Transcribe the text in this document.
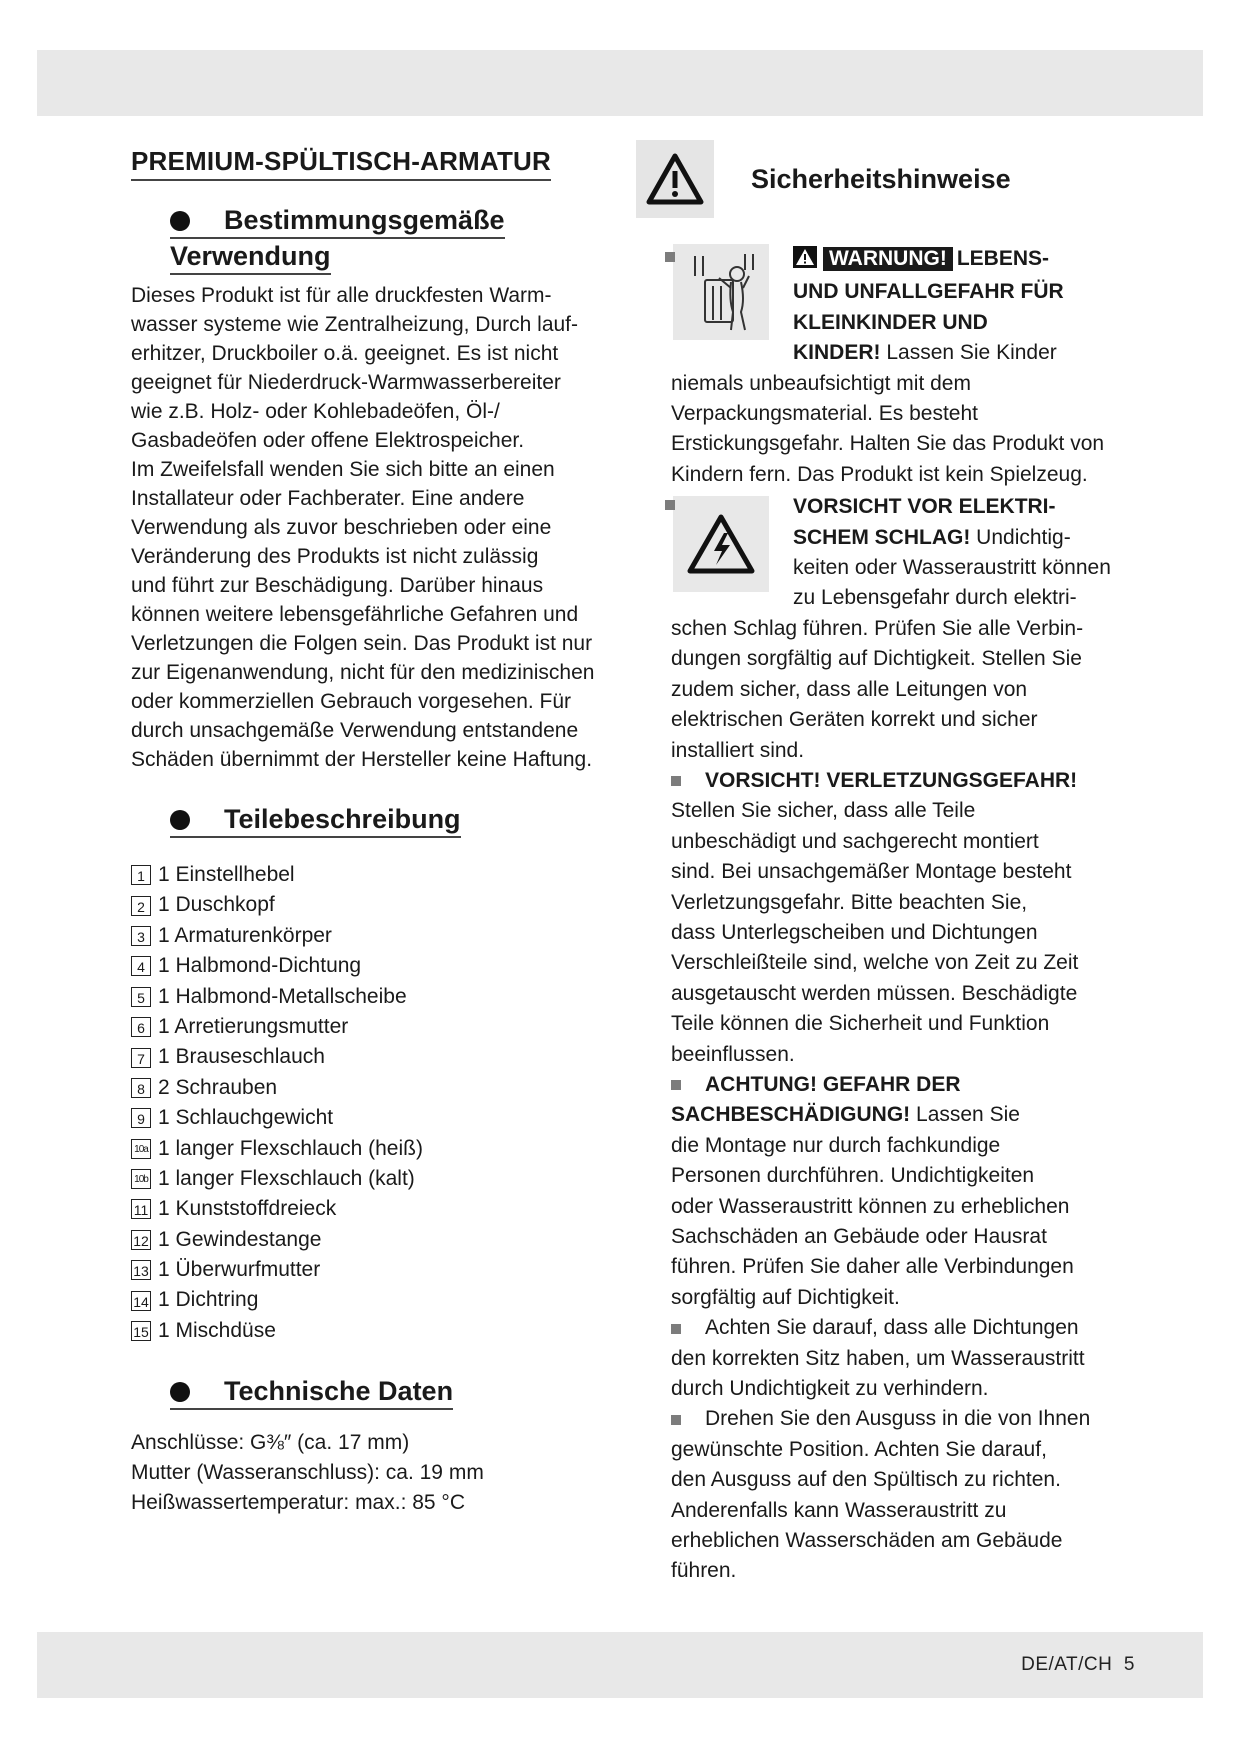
PREMIUM-SPÜLTISCH-ARMATUR
Bestimmungsgemäße
Verwendung
Dieses Produkt ist für alle druckfesten Warm-
wasser systeme wie Zentralheizung, Durch lauf-
erhitzer, Druckboiler o.ä. geeignet. Es ist nicht
geeignet für Niederdruck-Warmwasserbereiter
wie z.B. Holz- oder Kohlebadeöfen, Öl-/
Gasbadeöfen oder offene Elektrospeicher.
Im Zweifelsfall wenden Sie sich bitte an einen
Installateur oder Fachberater. Eine andere
Verwendung als zuvor beschrieben oder eine
Veränderung des Produkts ist nicht zulässig
und führt zur Beschädigung. Darüber hinaus
können weitere lebensgefährliche Gefahren und
Verletzungen die Folgen sein. Das Produkt ist nur
zur Eigenanwendung, nicht für den medizinischen
oder kommerziellen Gebrauch vorgesehen. Für
durch unsachgemäße Verwendung entstandene
Schäden übernimmt der Hersteller keine Haftung.
Teilebeschreibung
1 1 Einstellhebel
2 1 Duschkopf
3 1 Armaturenkörper
4 1 Halbmond-Dichtung
5 1 Halbmond-Metallscheibe
6 1 Arretierungsmutter
7 1 Brauseschlauch
8 2 Schrauben
9 1 Schlauchgewicht
10a 1 langer Flexschlauch (heiß)
10b 1 langer Flexschlauch (kalt)
11 1 Kunststoffdreieck
12 1 Gewindestange
13 1 Überwurfmutter
14 1 Dichtring
15 1 Mischdüse
Technische Daten
Anschlüsse: G⅜″ (ca. 17 mm)
Mutter (Wasseranschluss): ca. 19 mm
Heißwassertemperatur: max.: 85 °C
Sicherheitshinweise
WARNUNG! LEBENS-
UND UNFALLGEFAHR FÜR
KLEINKINDER UND
KINDER! Lassen Sie Kinder
niemals unbeaufsichtigt mit dem
Verpackungsmaterial. Es besteht
Erstickungsgefahr. Halten Sie das Produkt von
Kindern fern. Das Produkt ist kein Spielzeug.
VORSICHT VOR ELEKTRI-
SCHEM SCHLAG! Undichtig-
keiten oder Wasseraustritt können
zu Lebensgefahr durch elektri-
schen Schlag führen. Prüfen Sie alle Verbin-
dungen sorgfältig auf Dichtigkeit. Stellen Sie
zudem sicher, dass alle Leitungen von
elektrischen Geräten korrekt und sicher
installiert sind.
VORSICHT! VERLETZUNGSGEFAHR!
Stellen Sie sicher, dass alle Teile
unbeschädigt und sachgerecht montiert
sind. Bei unsachgemäßer Montage besteht
Verletzungsgefahr. Bitte beachten Sie,
dass Unterlegscheiben und Dichtungen
Verschleißteile sind, welche von Zeit zu Zeit
ausgetauscht werden müssen. Beschädigte
Teile können die Sicherheit und Funktion
beeinflussen.
ACHTUNG! GEFAHR DER
SACHBESCHÄDIGUNG! Lassen Sie
die Montage nur durch fachkundige
Personen durchführen. Undichtigkeiten
oder Wasseraustritt können zu erheblichen
Sachschäden an Gebäude oder Hausrat
führen. Prüfen Sie daher alle Verbindungen
sorgfältig auf Dichtigkeit.
Achten Sie darauf, dass alle Dichtungen
den korrekten Sitz haben, um Wasseraustritt
durch Undichtigkeit zu verhindern.
Drehen Sie den Ausguss in die von Ihnen
gewünschte Position. Achten Sie darauf,
den Ausguss auf den Spültisch zu richten.
Anderenfalls kann Wasseraustritt zu
erheblichen Wasserschäden am Gebäude
führen.
DE/AT/CH 5
